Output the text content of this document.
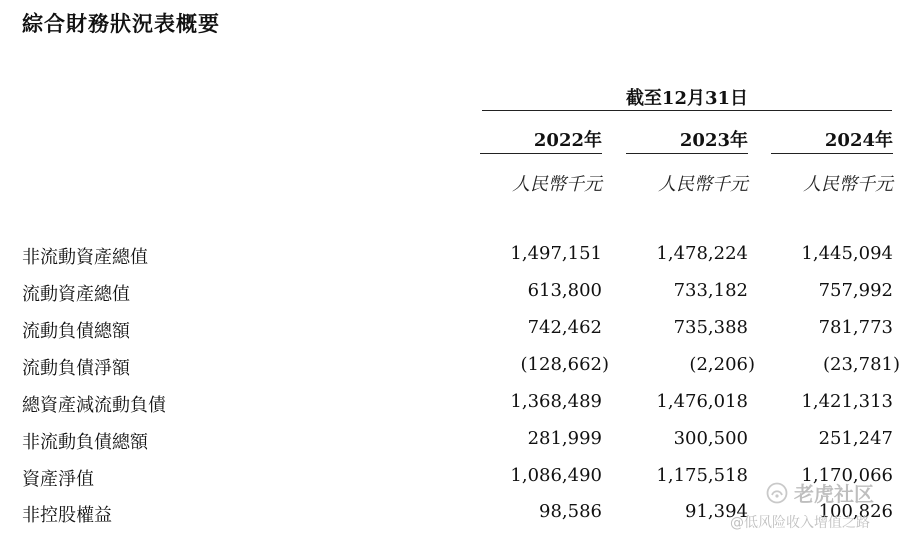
綜合財務狀況表概要
截至12月31日
2022年	2023年	2024年
人民幣千元	人民幣千元	人民幣千元
非流動資產總值	1,497,151	1,478,224	1,445,094
流動資產總值	613,800	733,182	757,992
流動負債總額	742,462	735,388	781,773
流動負債淨額	(128,662)	(2,206)	(23,781)
總資產減流動負債	1,368,489	1,476,018	1,421,313
非流動負債總額	281,999	300,500	251,247
資產淨值	1,086,490	1,175,518	1,170,066
非控股權益	98,586	91,394	100,826
老虎社区
@低风险收入增值之路
